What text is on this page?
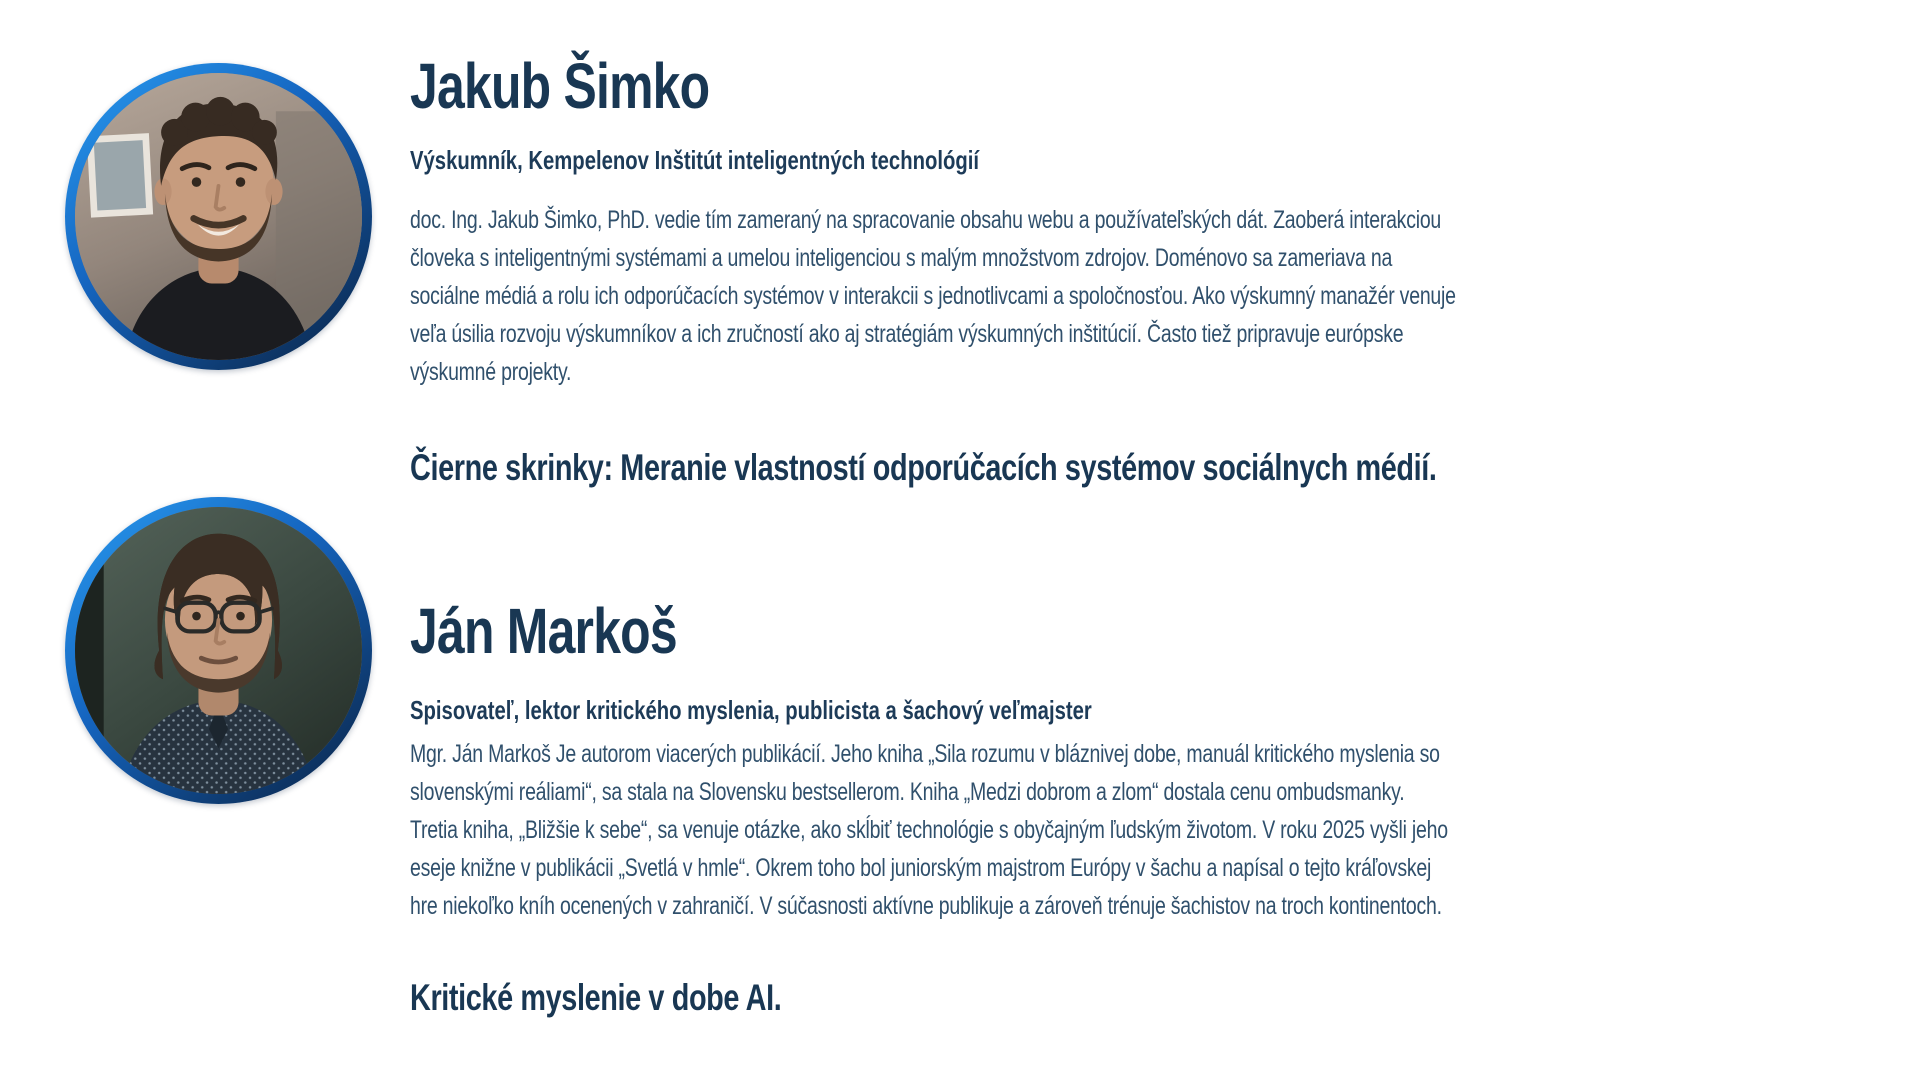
Jakub Šimko
Výskumník, Kempelenov Inštitút inteligentných technológií
doc. Ing. Jakub Šimko, PhD. vedie tím zameraný na spracovanie obsahu webu a používateľských dát. Zaoberá interakciou
človeka s inteligentnými systémami a umelou inteligenciou s malým množstvom zdrojov. Doménovo sa zameriava na
sociálne médiá a rolu ich odporúčacích systémov v interakcii s jednotlivcami a spoločnosťou. Ako výskumný manažér venuje
veľa úsilia rozvoju výskumníkov a ich zručností ako aj stratégiám výskumných inštitúcií. Často tiež pripravuje európske
výskumné projekty.
Čierne skrinky: Meranie vlastností odporúčacích systémov sociálnych médií.
Ján Markoš
Spisovateľ, lektor kritického myslenia, publicista a šachový veľmajster
Mgr. Ján Markoš Je autorom viacerých publikácií. Jeho kniha „Sila rozumu v bláznivej dobe, manuál kritického myslenia so
slovenskými reáliami“, sa stala na Slovensku bestsellerom. Kniha „Medzi dobrom a zlom“ dostala cenu ombudsmanky.
Tretia kniha, „Bližšie k sebe“, sa venuje otázke, ako skĺbiť technológie s obyčajným ľudským životom. V roku 2025 vyšli jeho
eseje knižne v publikácii „Svetlá v hmle“. Okrem toho bol juniorským majstrom Európy v šachu a napísal o tejto kráľovskej
hre niekoľko kníh ocenených v zahraničí. V súčasnosti aktívne publikuje a zároveň trénuje šachistov na troch kontinentoch.
Kritické myslenie v dobe AI.
